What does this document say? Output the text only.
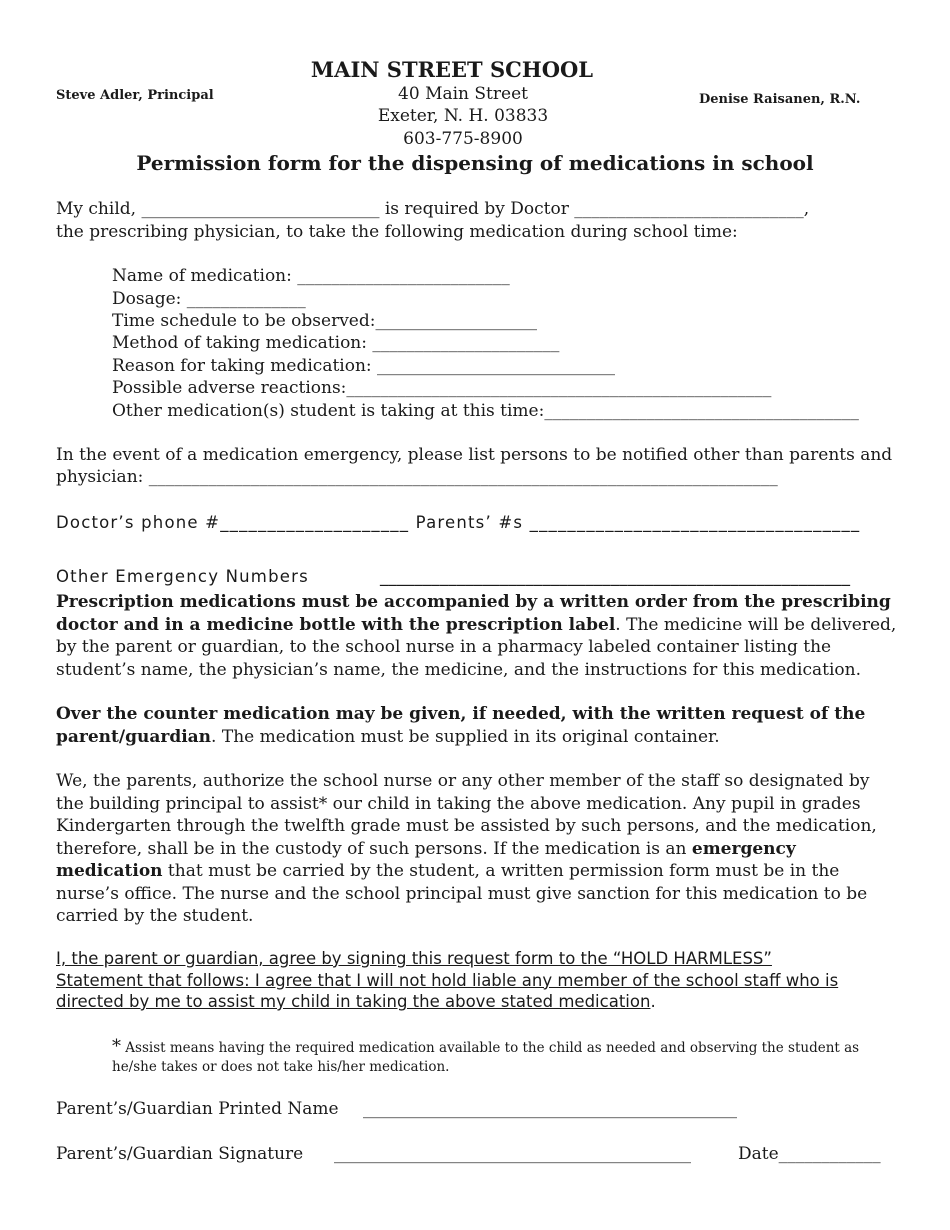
MAIN STREET SCHOOL
Steve Adler, Principal	40 Main Street	Denise Raisanen, R.N.
Exeter, N. H. 03833
603-775-8900
Permission form for the dispensing of medications in school
My child, ____________________________ is required by Doctor ___________________________,
the prescribing physician, to take the following medication during school time:
Name of medication: _________________________
Dosage: ______________
Time schedule to be observed:___________________
Method of taking medication: ______________________
Reason for taking medication: ____________________________
Possible adverse reactions:__________________________________________________
Other medication(s) student is taking at this time:_____________________________________
In the event of a medication emergency, please list persons to be notified other than parents and
physician: __________________________________________________________________________
Doctor’s phone #____________________ Parents’ #s ___________________________________
Other Emergency Numbers	_______________________________________________________
Prescription medications must be accompanied by a written order from the prescribing doctor and in a medicine bottle with the prescription label. The medicine will be delivered, by the parent or guardian, to the school nurse in a pharmacy labeled container listing the student’s name, the physician’s name, the medicine, and the instructions for this medication.
Over the counter medication may be given, if needed, with the written request of the parent/guardian. The medication must be supplied in its original container.
We, the parents, authorize the school nurse or any other member of the staff so designated by the building principal to assist* our child in taking the above medication. Any pupil in grades Kindergarten through the twelfth grade must be assisted by such persons, and the medication, therefore, shall be in the custody of such persons. If the medication is an emergency medication that must be carried by the student, a written permission form must be in the nurse’s office. The nurse and the school principal must give sanction for this medication to be carried by the student.
I, the parent or guardian, agree by signing this request form to the “HOLD HARMLESS”
Statement that follows: I agree that I will not hold liable any member of the school staff who is
directed by me to assist my child in taking the above stated medication.
* Assist means having the required medication available to the child as needed and observing the student as he/she takes or does not take his/her medication.
Parent’s/Guardian Printed Name ____________________________________________
Parent’s/Guardian Signature __________________________________________	Date____________
